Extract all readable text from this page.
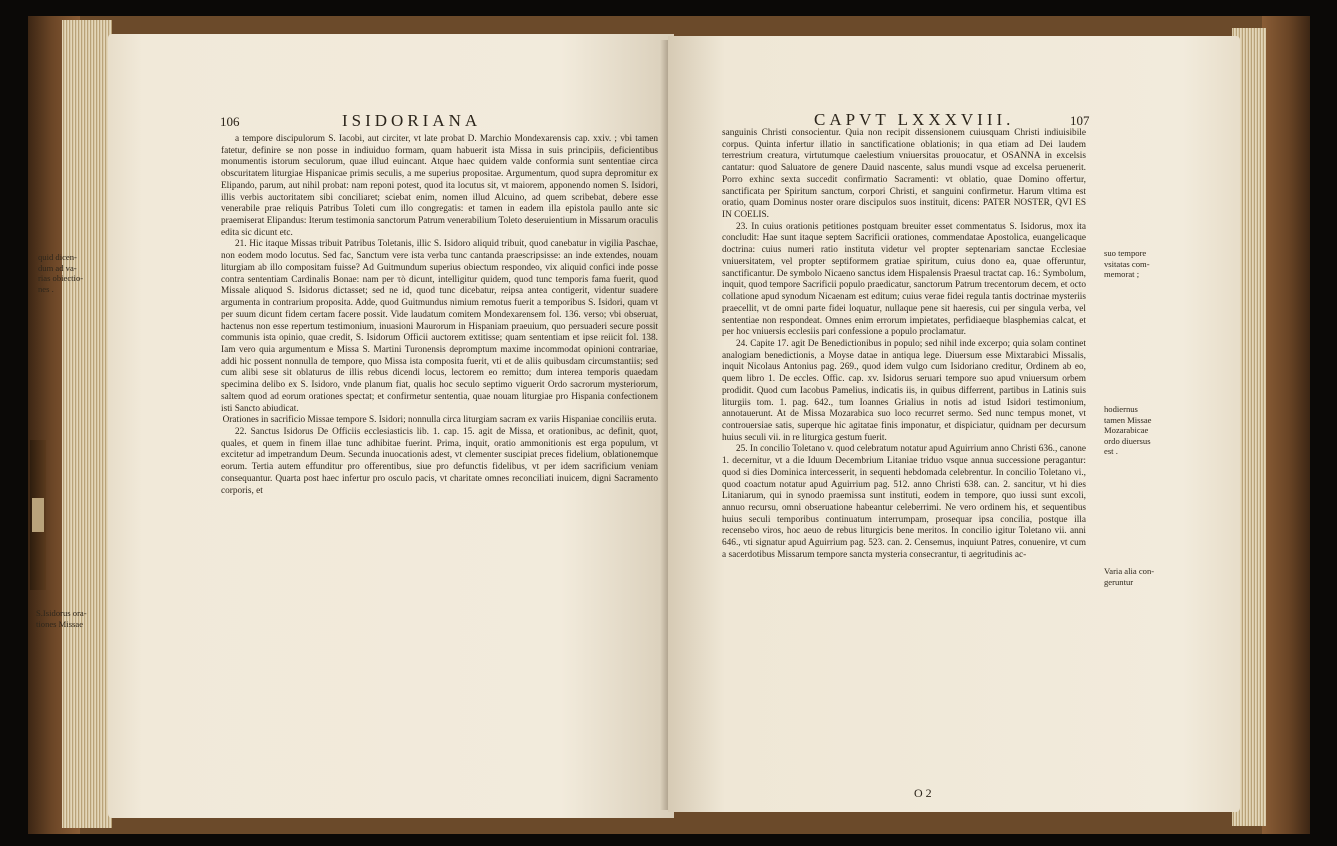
106	ISIDORIANA

a tempore discipulorum S. Iacobi, aut circiter, vt late probat D. Marchio Mondexarensis cap. xxiv. ; vbi tamen fatetur, definire se non posse in indiuiduo formam, quam habuerit ista Missa in suis principiis, deficientibus monumentis istorum seculorum, quae illud euincant. Atque haec quidem valde conformia sunt sententiae circa obscuritatem liturgiae Hispanicae primis seculis, a me superius propositae. Argumentum, quod supra depromitur ex Elipando, parum, aut nihil probat: nam reponi potest, quod ita locutus sit, vt maiorem, apponendo nomen S. Isidori, illis verbis auctoritatem sibi conciliaret; sciebat enim, nomen illud Alcuino, ad quem scribebat, debere esse venerabile prae reliquis Patribus Toleti cum illo congregatis: et tamen in eadem illa epistola paullo ante sic praemiserat Elipandus: Iterum testimonia sanctorum Patrum venerabilium Toleto deseruientium in Missarum oraculis edita sic dicunt etc.

21. Hic itaque Missas tribuit Patribus Toletanis, illic S. Isidoro aliquid tribuit, quod canebatur in vigilia Paschae, non eodem modo locutus. Sed fac, Sanctum vere ista verba tunc cantanda praescripsisse: an inde extendes, nouam liturgiam ab illo compositam fuisse? Ad Guitmundum superius obiectum respondeo, vix aliquid confici inde posse contra sententiam Cardinalis Bonae: nam per τὸ dicunt, intelligitur quidem, quod tunc temporis fama fuerit, quod Missale aliquod S. Isidorus dictasset; sed ne id, quod tunc dicebatur, reipsa antea contigerit, videntur suadere argumenta in contrarium proposita. Adde, quod Guitmundus nimium remotus fuerit a temporibus S. Isidori, quam vt per suum dicunt fidem certam facere possit. Vide laudatum comitem Mondexarensem fol. 136. verso; vbi obseruat, hactenus non esse repertum testimonium, inuasioni Maurorum in Hispaniam praeuium, quo persuaderi secure possit communis ista opinio, quae credit, S. Isidorum Officii auctorem extitisse; quam sententiam et ipse reiicit fol. 138. Iam vero quia argumentum e Missa S. Martini Turonensis depromptum maxime incommodat opinioni contrariae, addi hic possent nonnulla de tempore, quo Missa ista composita fuerit, vti et de aliis quibusdam circumstantiis; sed cum alibi sese sit oblaturus de illis rebus dicendi locus, lectorem eo remitto; dum interea temporis quaedam specimina delibo ex S. Isidoro, vnde planum fiat, qualis hoc seculo septimo viguerit Ordo sacrorum mysteriorum, saltem quod ad eorum orationes spectat; et confirmetur sententia, quae nouam liturgiae pro Hispania confectionem isti Sancto abiudicat.

Orationes in sacrificio Missae tempore S. Isidori; nonnulla circa liturgiam sacram ex variis Hispaniae conciliis eruta.

22. Sanctus Isidorus De Officiis ecclesiasticis lib. 1. cap. 15. agit de Missa, et orationibus, ac definit, quot, quales, et quem in finem illae tunc adhibitae fuerint. Prima, inquit, oratio ammonitionis est erga populum, vt excitetur ad impetrandum Deum. Secunda inuocationis adest, vt clementer suscipiat preces fidelium, oblationemque eorum. Tertia autem effunditur pro offerentibus, siue pro defunctis fidelibus, vt per idem sacrificium veniam consequantur. Quarta post haec infertur pro osculo pacis, vt charitate omnes reconciliati inuicem, digni Sacramento corporis, et

quid dicen-
dum ad va-
rias obiectio-
nes .
S.Isidorus ora-
tiones Missae
CAPVT LXXXVIII.	107

sanguinis Christi consocientur. Quia non recipit dissensionem cuiusquam Christi indiuisibile corpus. Quinta infertur illatio in sanctificatione oblationis; in qua etiam ad Dei laudem terrestrium creatura, virtutumque caelestium vniuersitas prouocatur, et OSANNA in excelsis cantatur: quod Saluatore de genere Dauid nascente, salus mundi vsque ad excelsa peruenerit. Porro exhinc sexta succedit confirmatio Sacramenti: vt oblatio, quae Domino offertur, sanctificata per Spiritum sanctum, corpori Christi, et sanguini confirmetur. Harum vltima est oratio, quam Dominus noster orare discipulos suos instituit, dicens: PATER NOSTER, QVI ES IN COELIS.

23. In cuius orationis petitiones postquam breuiter esset commentatus S. Isidorus, mox ita concludit: Hae sunt itaque septem Sacrificii orationes, commendatae Apostolica, euangelicaque doctrina: cuius numeri ratio instituta videtur vel propter septenariam sanctae Ecclesiae vniuersitatem, vel propter septiformem gratiae spiritum, cuius dono ea, quae offeruntur, sanctificantur. De symbolo Nicaeno sanctus idem Hispalensis Praesul tractat cap. 16.: Symbolum, inquit, quod tempore Sacrificii populo praedicatur, sanctorum Patrum trecentorum decem, et octo collatione apud synodum Nicaenam est editum; cuius verae fidei regula tantis doctrinae mysteriis praecellit, vt de omni parte fidei loquatur, nullaque pene sit haeresis, cui per singula verba, vel sententiae non respondeat. Omnes enim errorum impietates, perfidiaeque blasphemias calcat, et per hoc vniuersis ecclesiis pari confessione a populo proclamatur.

24. Capite 17. agit De Benedictionibus in populo; sed nihil inde excerpo; quia solam continet analogiam benedictionis, a Moyse datae in antiqua lege. Diuersum esse Mixtarabici Missalis, inquit Nicolaus Antonius pag. 269., quod idem vulgo cum Isidoriano creditur, Ordinem ab eo, quem libro 1. De eccles. Offic. cap. xv. Isidorus seruari tempore suo apud vniuersum orbem prodidit. Quod cum Iacobus Pamelius, indicatis iis, in quibus differrent, partibus in Latinis suis liturgiis tom. 1. pag. 642., tum Ioannes Grialius in notis ad istud Isidori testimonium, annotauerunt. At de Missa Mozarabica suo loco recurret sermo. Sed nunc tempus monet, vt controuersiae satis, superque hic agitatae finis imponatur, et dispiciatur, quidnam per decursum huius seculi vii. in re liturgica gestum fuerit.

25. In concilio Toletano v. quod celebratum notatur apud Aguirrium anno Christi 636., canone 1. decernitur, vt a die Iduum Decembrium Litaniae triduo vsque annua successione peragantur: quod si dies Dominica intercesserit, in sequenti hebdomada celebrentur. In concilio Toletano vi., quod coactum notatur apud Aguirrium pag. 512. anno Christi 638. can. 2. sancitur, vt hi dies Litaniarum, qui in synodo praemissa sunt instituti, eodem in tempore, quo iussi sunt excoli, annuo recursu, omni obseruatione habeantur celeberrimi. Ne vero ordinem his, et sequentibus huius seculi temporibus continuatum interrumpam, prosequar ipsa concilia, postque illa recensebo viros, hoc aeuo de rebus liturgicis bene meritos. In concilio igitur Toletano vii. anni 646., vti signatur apud Aguirrium pag. 523. can. 2. Censemus, inquiunt Patres, conuenire, vt cum a sacerdotibus Missarum tempore sancta mysteria consecrantur, ti aegritudinis ac-

O 2
suo tempore
vsitatas com-
memorat ;
hodiernus
tamen Missae
Mozarabicae
ordo diuersus
est .
Varia alia con-
geruntur
